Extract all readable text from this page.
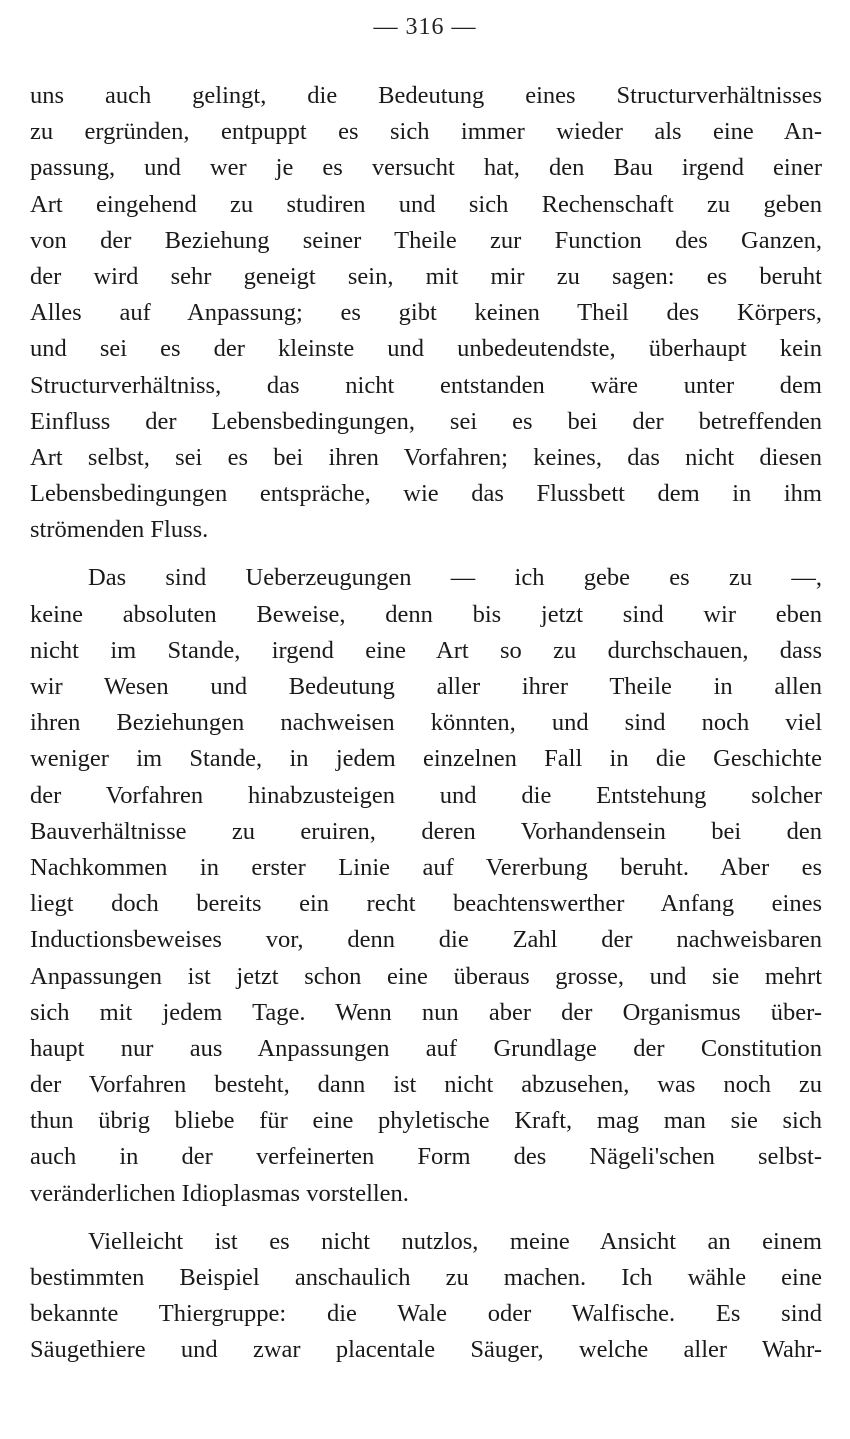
— 316 —
uns auch gelingt, die Bedeutung eines Structurverhältnisses
zu ergründen, entpuppt es sich immer wieder als eine An-
passung, und wer je es versucht hat, den Bau irgend einer
Art eingehend zu studiren und sich Rechenschaft zu geben
von der Beziehung seiner Theile zur Function des Ganzen,
der wird sehr geneigt sein, mit mir zu sagen: es beruht
Alles auf Anpassung; es gibt keinen Theil des Körpers,
und sei es der kleinste und unbedeutendste, überhaupt kein
Structurverhältniss, das nicht entstanden wäre unter dem
Einfluss der Lebensbedingungen, sei es bei der betreffenden
Art selbst, sei es bei ihren Vorfahren; keines, das nicht diesen
Lebensbedingungen entspräche, wie das Flussbett dem in ihm
strömenden Fluss.
Das sind Ueberzeugungen — ich gebe es zu —,
keine absoluten Beweise, denn bis jetzt sind wir eben
nicht im Stande, irgend eine Art so zu durchschauen, dass
wir Wesen und Bedeutung aller ihrer Theile in allen
ihren Beziehungen nachweisen könnten, und sind noch viel
weniger im Stande, in jedem einzelnen Fall in die Geschichte
der Vorfahren hinabzusteigen und die Entstehung solcher
Bauverhältnisse zu eruiren, deren Vorhandensein bei den
Nachkommen in erster Linie auf Vererbung beruht. Aber es
liegt doch bereits ein recht beachtenswerther Anfang eines
Inductionsbeweises vor, denn die Zahl der nachweisbaren
Anpassungen ist jetzt schon eine überaus grosse, und sie mehrt
sich mit jedem Tage. Wenn nun aber der Organismus über-
haupt nur aus Anpassungen auf Grundlage der Constitution
der Vorfahren besteht, dann ist nicht abzusehen, was noch zu
thun übrig bliebe für eine phyletische Kraft, mag man sie sich
auch in der verfeinerten Form des Nägeli'schen selbst-
veränderlichen Idioplasmas vorstellen.
Vielleicht ist es nicht nutzlos, meine Ansicht an einem
bestimmten Beispiel anschaulich zu machen. Ich wähle eine
bekannte Thiergruppe: die Wale oder Walfische. Es sind
Säugethiere und zwar placentale Säuger, welche aller Wahr-
